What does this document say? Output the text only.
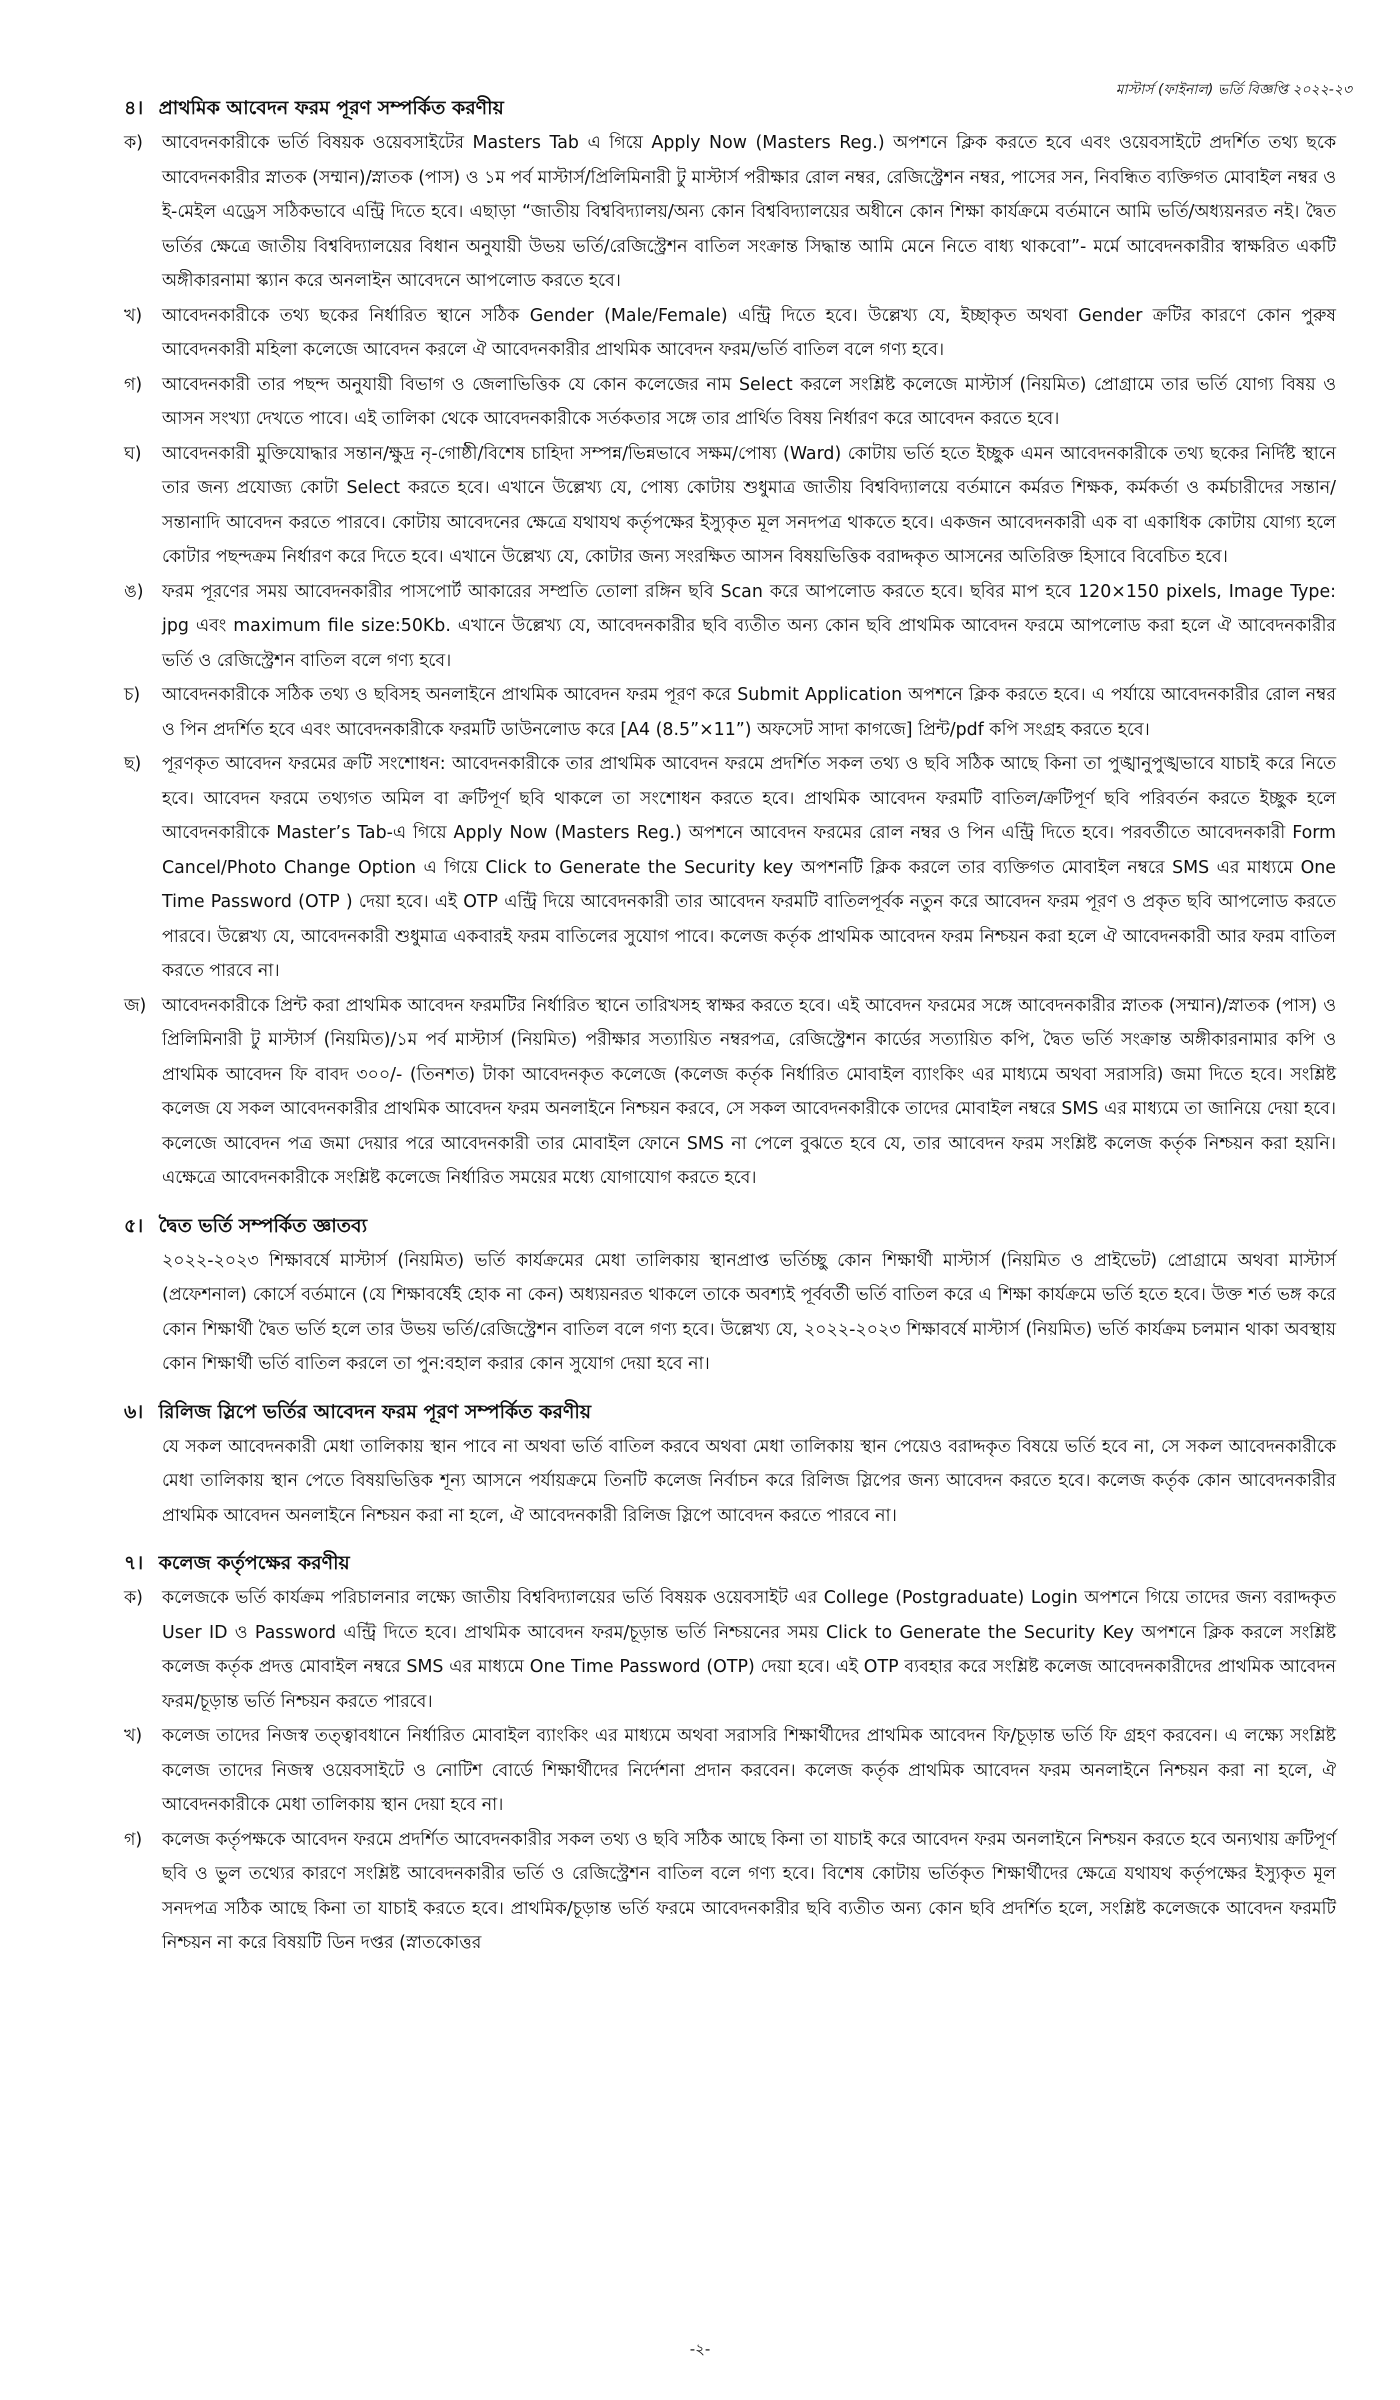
মাস্টার্স (ফাইনাল) ভর্তি বিজ্ঞপ্তি ২০২২-২৩
৪। প্রাথমিক আবেদন ফরম পূরণ সম্পর্কিত করণীয়
ক)	আবেদনকারীকে ভর্তি বিষয়ক ওয়েবসাইটের Masters Tab এ গিয়ে Apply Now (Masters Reg.) অপশনে ক্লিক করতে হবে এবং ওয়েবসাইটে প্রদর্শিত তথ্য ছকে আবেদনকারীর স্নাতক (সম্মান)/স্নাতক (পাস) ও ১ম পর্ব মাস্টার্স/প্রিলিমিনারী টু মাস্টার্স পরীক্ষার রোল নম্বর, রেজিস্ট্রেশন নম্বর, পাসের সন, নিবন্ধিত ব্যক্তিগত মোবাইল নম্বর ও ই-মেইল এড্রেস সঠিকভাবে এন্ট্রি দিতে হবে। এছাড়া “জাতীয় বিশ্ববিদ্যালয়/অন্য কোন বিশ্ববিদ্যালয়ের অধীনে কোন শিক্ষা কার্যক্রমে বর্তমানে আমি ভর্তি/অধ্যয়নরত নই। দ্বৈত ভর্তির ক্ষেত্রে জাতীয় বিশ্ববিদ্যালয়ের বিধান অনুযায়ী উভয় ভর্তি/রেজিস্ট্রেশন বাতিল সংক্রান্ত সিদ্ধান্ত আমি মেনে নিতে বাধ্য থাকবো”- মর্মে আবেদনকারীর স্বাক্ষরিত একটি অঙ্গীকারনামা স্ক্যান করে অনলাইন আবেদনে আপলোড করতে হবে।
খ)	আবেদনকারীকে তথ্য ছকের নির্ধারিত স্থানে সঠিক Gender (Male/Female) এন্ট্রি দিতে হবে। উল্লেখ্য যে, ইচ্ছাকৃত অথবা Gender ক্রটির কারণে কোন পুরুষ আবেদনকারী মহিলা কলেজে আবেদন করলে ঐ আবেদনকারীর প্রাথমিক আবেদন ফরম/ভর্তি বাতিল বলে গণ্য হবে।
গ)	আবেদনকারী তার পছন্দ অনুযায়ী বিভাগ ও জেলাভিত্তিক যে কোন কলেজের নাম Select করলে সংশ্লিষ্ট কলেজে মাস্টার্স (নিয়মিত) প্রোগ্রামে তার ভর্তি যোগ্য বিষয় ও আসন সংখ্যা দেখতে পাবে। এই তালিকা থেকে আবেদনকারীকে সর্তকতার সঙ্গে তার প্রার্থিত বিষয় নির্ধারণ করে আবেদন করতে হবে।
ঘ)	আবেদনকারী মুক্তিযোদ্ধার সন্তান/ক্ষুদ্র নৃ-গোষ্ঠী/বিশেষ চাহিদা সম্পন্ন/ভিন্নভাবে সক্ষম/পোষ্য (Ward) কোটায় ভর্তি হতে ইচ্ছুক এমন আবেদনকারীকে তথ্য ছকের নির্দিষ্ট স্থানে তার জন্য প্রযোজ্য কোটা Select করতে হবে। এখানে উল্লেখ্য যে, পোষ্য কোটায় শুধুমাত্র জাতীয় বিশ্ববিদ্যালয়ে বর্তমানে কর্মরত শিক্ষক, কর্মকর্তা ও কর্মচারীদের সন্তান/সন্তানাদি আবেদন করতে পারবে। কোটায় আবেদনের ক্ষেত্রে যথাযথ কর্তৃপক্ষের ইস্যুকৃত মূল সনদপত্র থাকতে হবে। একজন আবেদনকারী এক বা একাধিক কোটায় যোগ্য হলে কোটার পছন্দক্রম নির্ধারণ করে দিতে হবে। এখানে উল্লেখ্য যে, কোটার জন্য সংরক্ষিত আসন বিষয়ভিত্তিক বরাদ্দকৃত আসনের অতিরিক্ত হিসাবে বিবেচিত হবে।
ঙ)	ফরম পূরণের সময় আবেদনকারীর পাসপোর্ট আকারের সম্প্রতি তোলা রঙ্গিন ছবি Scan করে আপলোড করতে হবে। ছবির মাপ হবে 120×150 pixels, Image Type: jpg এবং maximum file size:50Kb. এখানে উল্লেখ্য যে, আবেদনকারীর ছবি ব্যতীত অন্য কোন ছবি প্রাথমিক আবেদন ফরমে আপলোড করা হলে ঐ আবেদনকারীর ভর্তি ও রেজিস্ট্রেশন বাতিল বলে গণ্য হবে।
চ)	আবেদনকারীকে সঠিক তথ্য ও ছবিসহ অনলাইনে প্রাথমিক আবেদন ফরম পূরণ করে Submit Application অপশনে ক্লিক করতে হবে। এ পর্যায়ে আবেদনকারীর রোল নম্বর ও পিন প্রদর্শিত হবে এবং আবেদনকারীকে ফরমটি ডাউনলোড করে [A4 (8.5”×11”) অফসেট সাদা কাগজে] প্রিন্ট/pdf কপি সংগ্রহ করতে হবে।
ছ)	পূরণকৃত আবেদন ফরমের ক্রটি সংশোধন: আবেদনকারীকে তার প্রাথমিক আবেদন ফরমে প্রদর্শিত সকল তথ্য ও ছবি সঠিক আছে কিনা তা পুঙ্খানুপুঙ্খভাবে যাচাই করে নিতে হবে। আবেদন ফরমে তথ্যগত অমিল বা ক্রটিপূর্ণ ছবি থাকলে তা সংশোধন করতে হবে। প্রাথমিক আবেদন ফরমটি বাতিল/ক্রটিপূর্ণ ছবি পরিবর্তন করতে ইচ্ছুক হলে আবেদনকারীকে Master’s Tab-এ গিয়ে Apply Now (Masters Reg.) অপশনে আবেদন ফরমের রোল নম্বর ও পিন এন্ট্রি দিতে হবে। পরবর্তীতে আবেদনকারী Form Cancel/Photo Change Option এ গিয়ে Click to Generate the Security key অপশনটি ক্লিক করলে তার ব্যক্তিগত মোবাইল নম্বরে SMS এর মাধ্যমে One Time Password (OTP ) দেয়া হবে। এই OTP এন্ট্রি দিয়ে আবেদনকারী তার আবেদন ফরমটি বাতিলপূর্বক নতুন করে আবেদন ফরম পূরণ ও প্রকৃত ছবি আপলোড করতে পারবে। উল্লেখ্য যে, আবেদনকারী শুধুমাত্র একবারই ফরম বাতিলের সুযোগ পাবে। কলেজ কর্তৃক প্রাথমিক আবেদন ফরম নিশ্চয়ন করা হলে ঐ আবেদনকারী আর ফরম বাতিল করতে পারবে না।
জ) আবেদনকারীকে প্রিন্ট করা প্রাথমিক আবেদন ফরমটির নির্ধারিত স্থানে তারিখসহ স্বাক্ষর করতে হবে। এই আবেদন ফরমের সঙ্গে আবেদনকারীর স্নাতক (সম্মান)/স্নাতক (পাস) ও প্রিলিমিনারী টু মাস্টার্স (নিয়মিত)/১ম পর্ব মাস্টার্স (নিয়মিত) পরীক্ষার সত্যায়িত নম্বরপত্র, রেজিস্ট্রেশন কার্ডের সত্যায়িত কপি, দ্বৈত ভর্তি সংক্রান্ত অঙ্গীকারনামার কপি ও প্রাথমিক আবেদন ফি বাবদ ৩০০/- (তিনশত) টাকা আবেদনকৃত কলেজে (কলেজ কর্তৃক নির্ধারিত মোবাইল ব্যাংকিং এর মাধ্যমে অথবা সরাসরি) জমা দিতে হবে। সংশ্লিষ্ট কলেজ যে সকল আবেদনকারীর প্রাথমিক আবেদন ফরম অনলাইনে নিশ্চয়ন করবে, সে সকল আবেদনকারীকে তাদের মোবাইল নম্বরে SMS এর মাধ্যমে তা জানিয়ে দেয়া হবে। কলেজে আবেদন পত্র জমা দেয়ার পরে আবেদনকারী তার মোবাইল ফোনে SMS না পেলে বুঝতে হবে যে, তার আবেদন ফরম সংশ্লিষ্ট কলেজ কর্তৃক নিশ্চয়ন করা হয়নি। এক্ষেত্রে আবেদনকারীকে সংশ্লিষ্ট কলেজে নির্ধারিত সময়ের মধ্যে যোগাযোগ করতে হবে।
৫। দ্বৈত ভর্তি সম্পর্কিত জ্ঞাতব্য
২০২২-২০২৩ শিক্ষাবর্ষে মাস্টার্স (নিয়মিত) ভর্তি কার্যক্রমের মেধা তালিকায় স্থানপ্রাপ্ত ভর্তিচ্ছু কোন শিক্ষার্থী মাস্টার্স (নিয়মিত ও প্রাইভেট) প্রোগ্রামে অথবা মাস্টার্স (প্রফেশনাল) কোর্সে বর্তমানে (যে শিক্ষাবর্ষেই হোক না কেন) অধ্যয়নরত থাকলে তাকে অবশ্যই পূর্ববর্তী ভর্তি বাতিল করে এ শিক্ষা কার্যক্রমে ভর্তি হতে হবে। উক্ত শর্ত ভঙ্গ করে কোন শিক্ষার্থী দ্বৈত ভর্তি হলে তার উভয় ভর্তি/রেজিস্ট্রেশন বাতিল বলে গণ্য হবে। উল্লেখ্য যে, ২০২২-২০২৩ শিক্ষাবর্ষে মাস্টার্স (নিয়মিত) ভর্তি কার্যক্রম চলমান থাকা অবস্থায় কোন শিক্ষার্থী ভর্তি বাতিল করলে তা পুন:বহাল করার কোন সুযোগ দেয়া হবে না।
৬। রিলিজ স্লিপে ভর্তির আবেদন ফরম পূরণ সম্পর্কিত করণীয়
যে সকল আবেদনকারী মেধা তালিকায় স্থান পাবে না অথবা ভর্তি বাতিল করবে অথবা মেধা তালিকায় স্থান পেয়েও বরাদ্দকৃত বিষয়ে ভর্তি হবে না, সে সকল আবেদনকারীকে মেধা তালিকায় স্থান পেতে বিষয়ভিত্তিক শূন্য আসনে পর্যায়ক্রমে তিনটি কলেজ নির্বাচন করে রিলিজ স্লিপের জন্য আবেদন করতে হবে। কলেজ কর্তৃক কোন আবেদনকারীর প্রাথমিক আবেদন অনলাইনে নিশ্চয়ন করা না হলে, ঐ আবেদনকারী রিলিজ স্লিপে আবেদন করতে পারবে না।
৭। কলেজ কর্তৃপক্ষের করণীয়
ক)	কলেজকে ভর্তি কার্যক্রম পরিচালনার লক্ষ্যে জাতীয় বিশ্ববিদ্যালয়ের ভর্তি বিষয়ক ওয়েবসাইট এর College (Postgraduate) Login অপশনে গিয়ে তাদের জন্য বরাদ্দকৃত User ID ও Password এন্ট্রি দিতে হবে। প্রাথমিক আবেদন ফরম/চূড়ান্ত ভর্তি নিশ্চয়নের সময় Click to Generate the Security Key অপশনে ক্লিক করলে সংশ্লিষ্ট কলেজ কর্তৃক প্রদত্ত মোবাইল নম্বরে SMS এর মাধ্যমে One Time Password (OTP) দেয়া হবে। এই OTP ব্যবহার করে সংশ্লিষ্ট কলেজ আবেদনকারীদের প্রাথমিক আবেদন ফরম/চূড়ান্ত ভর্তি নিশ্চয়ন করতে পারবে।
খ)	কলেজ তাদের নিজস্ব তত্ত্বাবধানে নির্ধারিত মোবাইল ব্যাংকিং এর মাধ্যমে অথবা সরাসরি শিক্ষার্থীদের প্রাথমিক আবেদন ফি/চূড়ান্ত ভর্তি ফি গ্রহণ করবেন। এ লক্ষ্যে সংশ্লিষ্ট কলেজ তাদের নিজস্ব ওয়েবসাইটে ও নোটিশ বোর্ডে শিক্ষার্থীদের নির্দেশনা প্রদান করবেন। কলেজ কর্তৃক প্রাথমিক আবেদন ফরম অনলাইনে নিশ্চয়ন করা না হলে, ঐ আবেদনকারীকে মেধা তালিকায় স্থান দেয়া হবে না।
গ)	কলেজ কর্তৃপক্ষকে আবেদন ফরমে প্রদর্শিত আবেদনকারীর সকল তথ্য ও ছবি সঠিক আছে কিনা তা যাচাই করে আবেদন ফরম অনলাইনে নিশ্চয়ন করতে হবে অন্যথায় ক্রটিপূর্ণ ছবি ও ভুল তথ্যের কারণে সংশ্লিষ্ট আবেদনকারীর ভর্তি ও রেজিস্ট্রেশন বাতিল বলে গণ্য হবে। বিশেষ কোটায় ভর্তিকৃত শিক্ষার্থীদের ক্ষেত্রে যথাযথ কর্তৃপক্ষের ইস্যুকৃত মূল সনদপত্র সঠিক আছে কিনা তা যাচাই করতে হবে। প্রাথমিক/চূড়ান্ত ভর্তি ফরমে আবেদনকারীর ছবি ব্যতীত অন্য কোন ছবি প্রদর্শিত হলে, সংশ্লিষ্ট কলেজকে আবেদন ফরমটি নিশ্চয়ন না করে বিষয়টি ডিন দপ্তর (স্নাতকোত্তর
-২-
